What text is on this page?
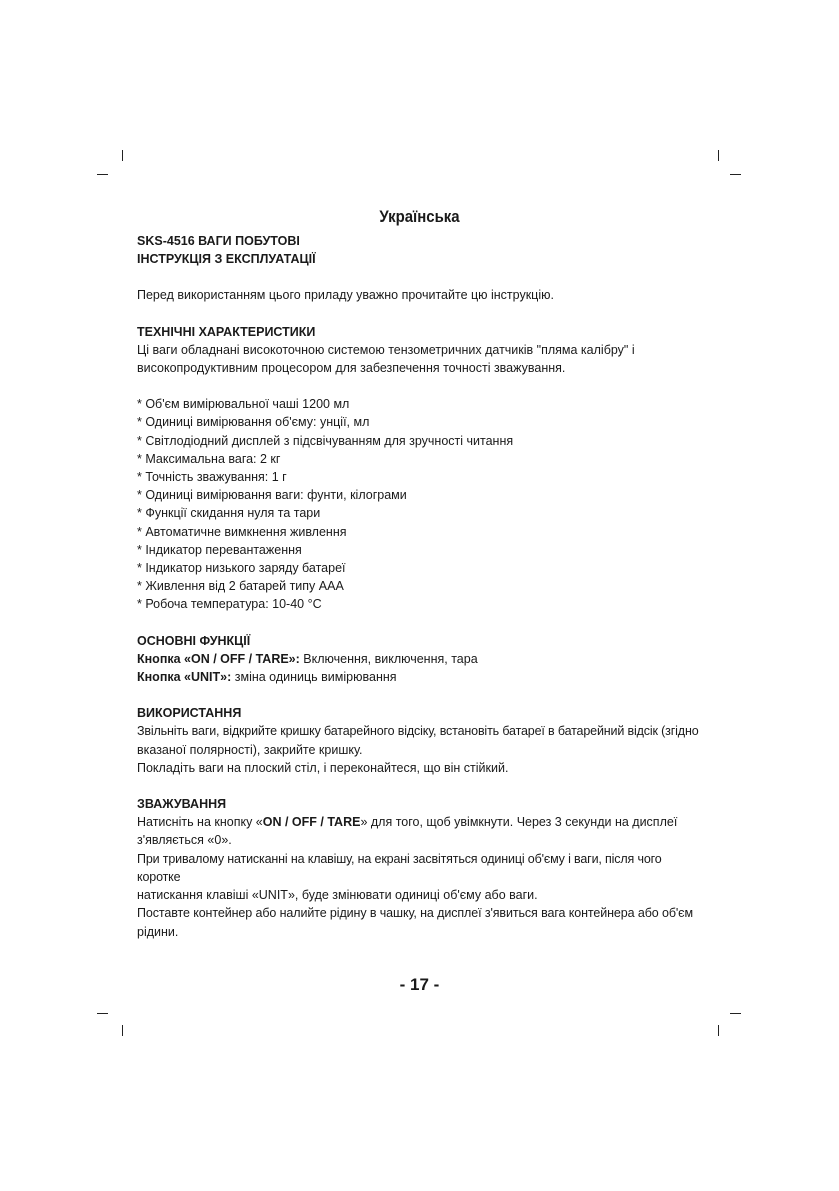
Українська

SKS-4516 ВАГИ ПОБУТОВІ

ІНСТРУКЦІЯ З ЕКСПЛУАТАЦІЇ

Перед використанням цього приладу уважно прочитайте цю інструкцію.

ТЕХНІЧНІ ХАРАКТЕРИСТИКИ

Ці ваги обладнані високоточною системою тензометричних датчиків "пляма калібру" і

високопродуктивним процесором для забезпечення точності зважування.

* Об'єм вимірювальної чаші 1200 мл

* Одиниці вимірювання об'єму: унції, мл

* Світлодіодний дисплей з підсвічуванням для зручності читання

* Максимальна вага: 2 кг

* Точність зважування: 1 г

* Одиниці вимірювання ваги: фунти, кілограми

* Функції скидання нуля та тари

* Автоматичне вимкнення живлення

* Індикатор перевантаження

* Індикатор низького заряду батареї

* Живлення від 2 батарей типу AAA

* Робоча температура: 10-40 °С

ОСНОВНІ ФУНКЦІЇ

Кнопка «ON / OFF / TARE»: Включення, виключення, тара

Кнопка «UNIT»: зміна одиниць вимірювання

ВИКОРИСТАННЯ

Звільніть ваги, відкрийте кришку батарейного відсіку, встановіть батареї в батарейний відсік (згідно

вказаної полярності), закрийте кришку.

Покладіть ваги на плоский стіл, і переконайтеся, що він стійкий.

ЗВАЖУВАННЯ

Натисніть на кнопку «ON / OFF / TARE» для того, щоб увімкнути. Через 3 секунди на дисплеї

з'являється «0».

При тривалому натисканні на клавішу, на екрані засвітяться одиниці об'єму і ваги, після чого коротке

натискання клавіші «UNIT», буде змінювати одиниці об'єму або ваги.

Поставте контейнер або налийте рідину в чашку, на дисплеї з'явиться вага контейнера або об'єм

рідини.

- 17 -
